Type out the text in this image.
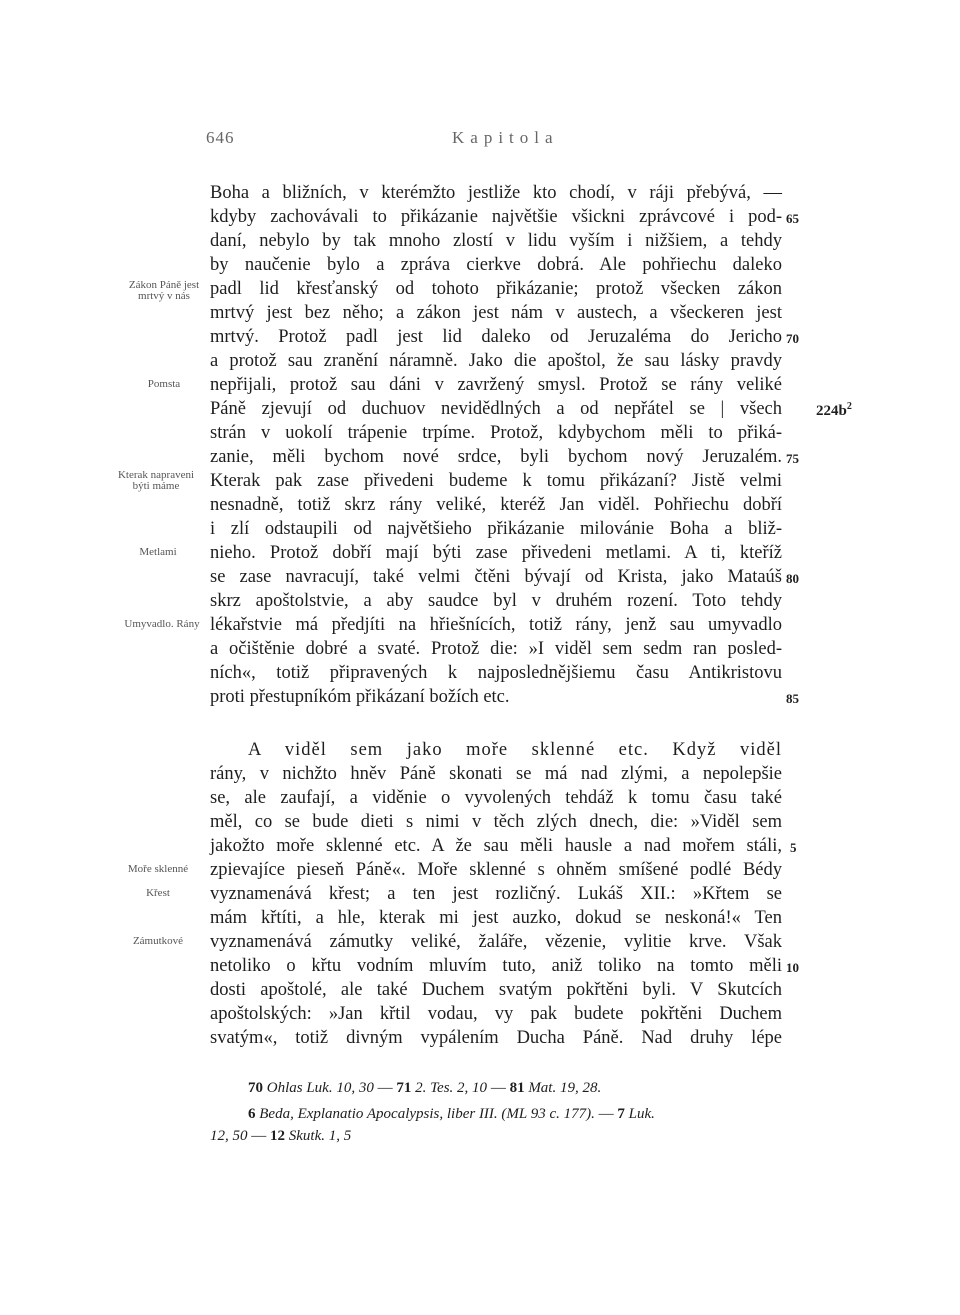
646	Kapitola
Boha a bližních, v kterémžto jestliže kto chodí, v ráji přebývá, —
kdyby zachovávali to přikázanie najvětšie všickni zprávcové i pod-
daní, nebylo by tak mnoho zlostí v lidu vyším i nižšiem, a tehdy
by naučenie bylo a zpráva cierkve dobrá. Ale pohřiechu daleko
padl lid křesťanský od tohoto přikázanie; protož všecken zákon
mrtvý jest bez něho; a zákon jest nám v austech, a všeckeren jest
mrtvý. Protož padl jest lid daleko od Jeruzaléma do Jericho
a protož sau zranění náramně. Jako die apoštol, že sau lásky pravdy
nepřijali, protož sau dáni v zavržený smysl. Protož se rány veliké
Páně zjevují od duchuov nevidědlných a od nepřátel se | všech
strán v uokolí trápenie trpíme. Protož, kdybychom měli to přiká-
zanie, měli bychom nové srdce, byli bychom nový Jeruzalém.
Kterak pak zase přivedeni budeme k tomu přikázaní? Jistě velmi
nesnadně, totiž skrz rány veliké, kteréž Jan viděl. Pohřiechu dobří
i zlí odstaupili od najvětšieho přikázanie milovánie Boha a bliž-
nieho. Protož dobří mají býti zase přivedeni metlami. A ti, kteříž
se zase navracují, také velmi čtěni bývají od Krista, jako Mataúš
skrz apoštolstvie, a aby saudce byl v druhém rození. Toto tehdy
lékařstvie má předjíti na hřiešnících, totiž rány, jenž sau umyvadlo
a očištěnie dobré a svaté. Protož die: »I viděl sem sedm ran posled-
ních«, totiž připravených k najposlednějšiemu času Antikristovu
proti přestupníkóm přikázaní božích etc.
65
70
75
80
85
$224b^2$
A viděl sem jako moře sklenné etc. Když viděl
rány, v nichžto hněv Páně skonati se má nad zlými, a nepolepšie
se, ale zaufají, a viděnie o vyvolených tehdáž k tomu času také
měl, co se bude dieti s nimi v těch zlých dnech, die: »Viděl sem
jakožto moře sklenné etc. A že sau měli hausle a nad mořem stáli,
zpievajíce pieseň Páně«. Moře sklenné s ohněm smíšené podlé Bédy
vyznamenává křest; a ten jest rozličný. Lukáš XII.: »Křtem se
mám křtíti, a hle, kterak mi jest auzko, dokud se neskoná!« Ten
vyznamenává zámutky veliké, žaláře, vězenie, vylitie krve. Však
netoliko o křtu vodním mluvím tuto, aniž toliko na tomto měli
dosti apoštolé, ale také Duchem svatým pokřtěni byli. V Skutcích
apoštolských: »Jan křtil vodau, vy pak budete pokřtěni Duchem
svatým«, totiž divným vypálením Ducha Páně. Nad druhy lépe
5
10
Zákon Páně jest mrtvý v nás
Pomsta
Kterak napraveni býti máme
Metlami
Umyvadlo. Rány
Moře sklenné
Křest
Zámutkové
70 Ohlas Luk. 10, 30 — 71 2. Tes. 2, 10 — 81 Mat. 19, 28.
6 Beda, Explanatio Apocalypsis, liber III. (ML 93 c. 177). — 7 Luk.
12, 50 — 12 Skutk. 1, 5
